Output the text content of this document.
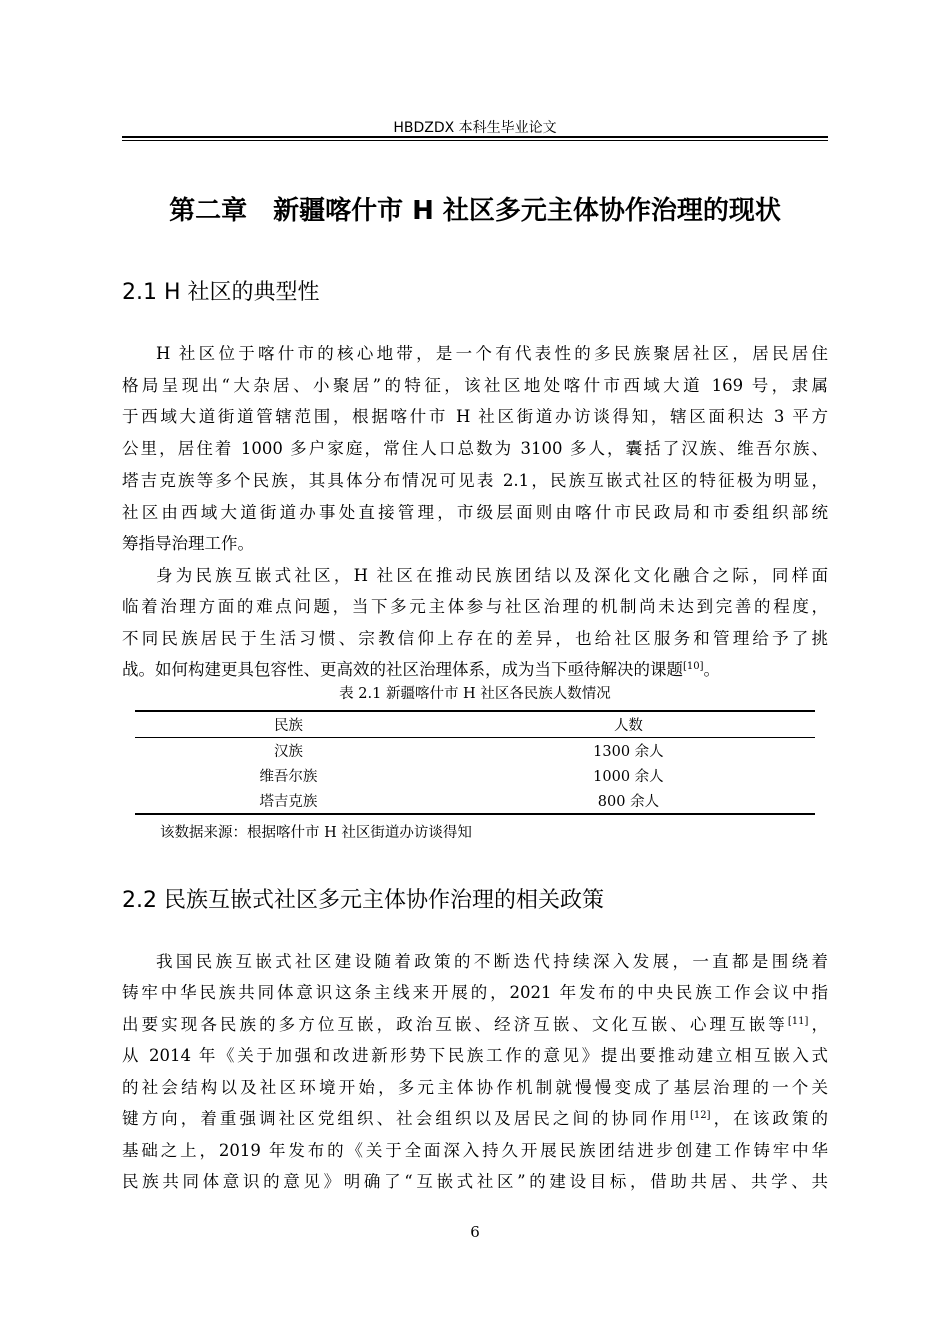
HBDZDX 本科生毕业论文
第二章　新疆喀什市 H 社区多元主体协作治理的现状
2.1 H 社区的典型性
H 社区位于喀什市的核心地带，是一个有代表性的多民族聚居社区，居民居住
格局呈现出“大杂居、小聚居”的特征，该社区地处喀什市西域大道 169 号，隶属
于西域大道街道管辖范围，根据喀什市 H 社区街道办访谈得知，辖区面积达 3 平方
公里，居住着 1000 多户家庭，常住人口总数为 3100 多人，囊括了汉族、维吾尔族、
塔吉克族等多个民族，其具体分布情况可见表 2.1，民族互嵌式社区的特征极为明显，
社区由西域大道街道办事处直接管理，市级层面则由喀什市民政局和市委组织部统
筹指导治理工作。
身为民族互嵌式社区，H 社区在推动民族团结以及深化文化融合之际，同样面
临着治理方面的难点问题，当下多元主体参与社区治理的机制尚未达到完善的程度，
不同民族居民于生活习惯、宗教信仰上存在的差异，也给社区服务和管理给予了挑
战。如何构建更具包容性、更高效的社区治理体系，成为当下亟待解决的课题[10]。
表 2.1 新疆喀什市 H 社区各民族人数情况
民族	人数
汉族	1300 余人
维吾尔族	1000 余人
塔吉克族	800 余人
该数据来源：根据喀什市 H 社区街道办访谈得知
2.2 民族互嵌式社区多元主体协作治理的相关政策
我国民族互嵌式社区建设随着政策的不断迭代持续深入发展，一直都是围绕着
铸牢中华民族共同体意识这条主线来开展的，2021 年发布的中央民族工作会议中指
出要实现各民族的多方位互嵌，政治互嵌、经济互嵌、文化互嵌、心理互嵌等[11]，
从 2014 年《关于加强和改进新形势下民族工作的意见》提出要推动建立相互嵌入式
的社会结构以及社区环境开始，多元主体协作机制就慢慢变成了基层治理的一个关
键方向，着重强调社区党组织、社会组织以及居民之间的协同作用[12]，在该政策的
基础之上，2019 年发布的《关于全面深入持久开展民族团结进步创建工作铸牢中华
民族共同体意识的意见》明确了“互嵌式社区”的建设目标，借助共居、共学、共
6
